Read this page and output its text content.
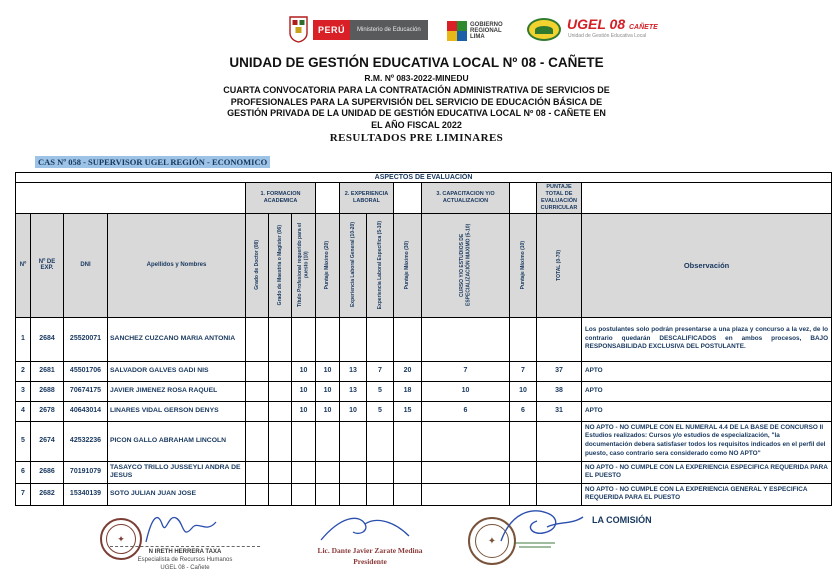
PERÚ Ministerio de Educación
GOBIERNO REGIONAL LIMA
UGEL 08 CAÑETE
Unidad de Gestión Educativa Local
UNIDAD DE GESTIÓN EDUCATIVA LOCAL Nº 08 - CAÑETE
R.M. Nº 083-2022-MINEDU
CUARTA CONVOCATORIA PARA LA CONTRATACIÓN ADMINISTRATIVA DE SERVICIOS DE
PROFESIONALES PARA LA SUPERVISIÓN DEL SERVICIO DE EDUCACIÓN BÁSICA DE
GESTIÓN PRIVADA DE LA UNIDAD DE GESTIÓN EDUCATIVA LOCAL Nº 08 - CAÑETE EN
EL AÑO FISCAL 2022
RESULTADOS PRE LIMINARES
CAS Nº 058 - SUPERVISOR UGEL REGIÓN - ECONOMICO
ASPECTOS DE EVALUACIÓN														
				1. FORMACION ACADEMICA				2. EXPERIENCIA LABORAL			3. CAPACITACION Y/O ACTUALIZACION		PUNTAJE TOTAL DE EVALUACIÓN CURRICULAR	
Nº	Nº DE EXP.	DNI	Apellidos y Nombres	Grado de Doctor (08)	Grado de Maestría o Magíster (06)	Título Profesional requerido para el puesto (10)	Puntaje Máximo (20)	Experiencia Laboral General (10-20)	Experiencia Laboral Específica (5-10)	Puntaje Máximo (30)	CURSO Y/O ESTUDIOS DE ESPECIALIZACIÓN MAXIMO (5-10)	Puntaje Máximo (10)	TOTAL (0-70)	Observación
1	2684	25520071	SANCHEZ CUZCANO MARIA ANTONIA											Los postulantes solo podrán presentarse a una plaza y concurso a la vez, de lo contrario quedarán DESCALIFICADOS en ambos procesos, BAJO RESPONSABILIDAD EXCLUSIVA DEL POSTULANTE.
2	2681	45501706	SALVADOR GALVES GADI NIS			10	10	13	7	20	7	7	37	APTO
3	2688	70674175	JAVIER JIMENEZ ROSA RAQUEL			10	10	13	5	18	10	10	38	APTO
4	2678	40643014	LINARES VIDAL GERSON DENYS			10	10	10	5	15	6	6	31	APTO
5	2674	42532236	PICON GALLO ABRAHAM LINCOLN											NO APTO - NO CUMPLE CON EL NUMERAL 4.4 DE LA BASE DE CONCURSO II Estudios realizados: Cursos y/o estudios de especialización, "la documentación debera satisfaser todos los requisitos indicados en el perfil del puesto, caso contrario sera considerado como NO APTO"
6	2686	70191079	TASAYCO TRILLO JUSSEYLI ANDRA DE JESUS											NO APTO - NO CUMPLE CON LA EXPERIENCIA ESPECIFICA REQUERIDA PARA EL PUESTO
7	2682	15340139	SOTO JULIAN JUAN JOSE											NO APTO - NO CUMPLE CON LA EXPERIENCIA GENERAL Y ESPECIFICA REQUERIDA PARA EL PUESTO
✦
N IRETH HERRERA TAXA
Especialista de Recursos Humanos
UGEL 08 - Cañete
Lic. Dante Javier Zarate Medina
Presidente
✦
LA COMISIÓN
